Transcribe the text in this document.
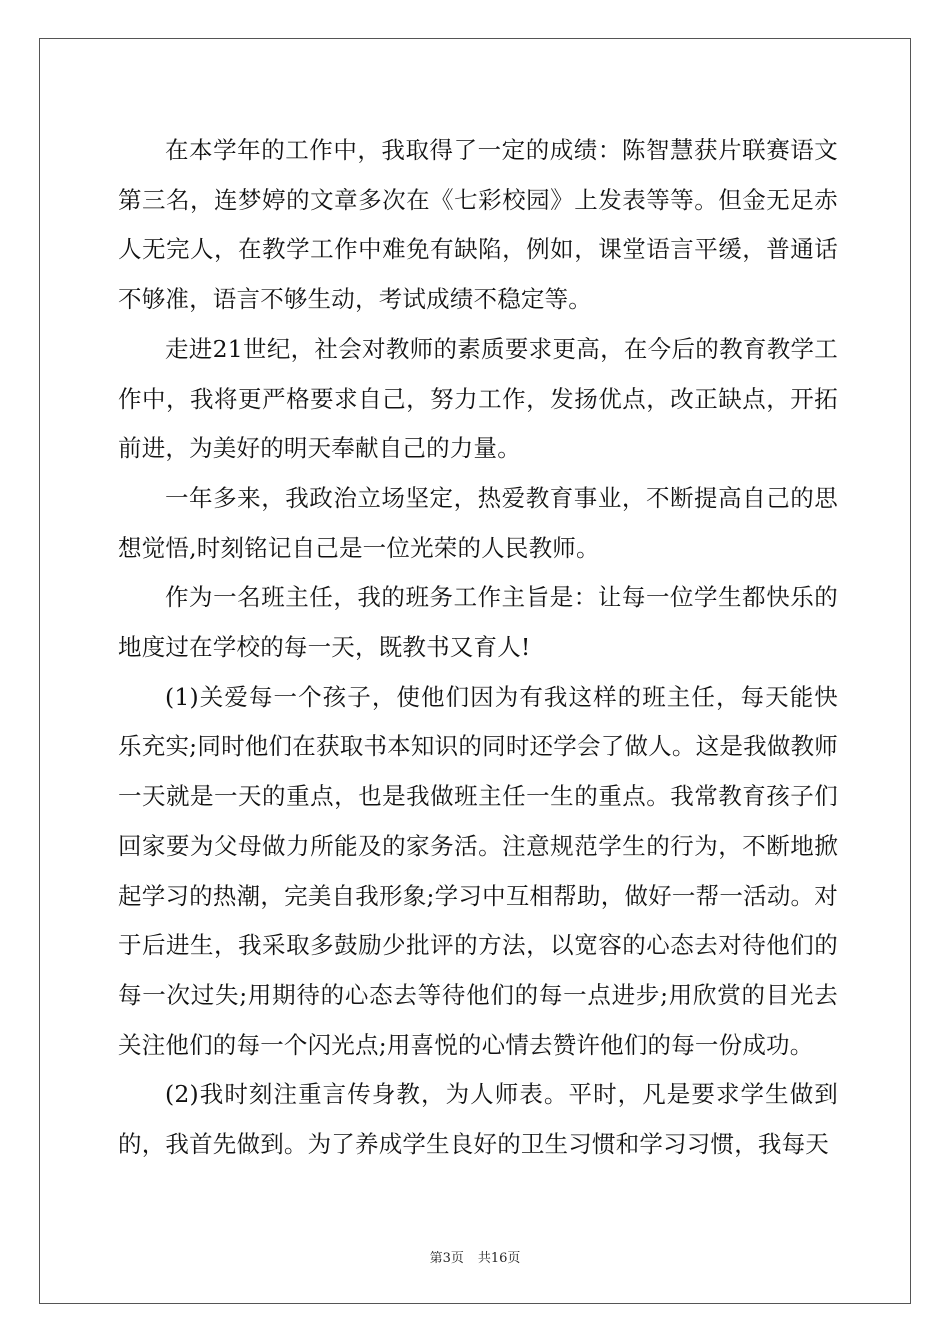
在本学年的工作中，我取得了一定的成绩：陈智慧获片联赛语文第三名，连梦婷的文章多次在《七彩校园》上发表等等。但金无足赤人无完人，在教学工作中难免有缺陷，例如，课堂语言平缓，普通话不够准，语言不够生动，考试成绩不稳定等。

走进21世纪，社会对教师的素质要求更高，在今后的教育教学工作中，我将更严格要求自己，努力工作，发扬优点，改正缺点，开拓前进，为美好的明天奉献自己的力量。

一年多来，我政治立场坚定，热爱教育事业，不断提高自己的思想觉悟,时刻铭记自己是一位光荣的人民教师。

作为一名班主任，我的班务工作主旨是：让每一位学生都快乐的地度过在学校的每一天，既教书又育人!

(1)关爱每一个孩子，使他们因为有我这样的班主任，每天能快乐充实;同时他们在获取书本知识的同时还学会了做人。这是我做教师一天就是一天的重点，也是我做班主任一生的重点。我常教育孩子们回家要为父母做力所能及的家务活。注意规范学生的行为，不断地掀起学习的热潮，完美自我形象;学习中互相帮助，做好一帮一活动。对于后进生，我采取多鼓励少批评的方法，以宽容的心态去对待他们的每一次过失;用期待的心态去等待他们的每一点进步;用欣赏的目光去关注他们的每一个闪光点;用喜悦的心情去赞许他们的每一份成功。

(2)我时刻注重言传身教，为人师表。平时，凡是要求学生做到的，我首先做到。为了养成学生良好的卫生习惯和学习习惯，我每天

第3页 共16页
